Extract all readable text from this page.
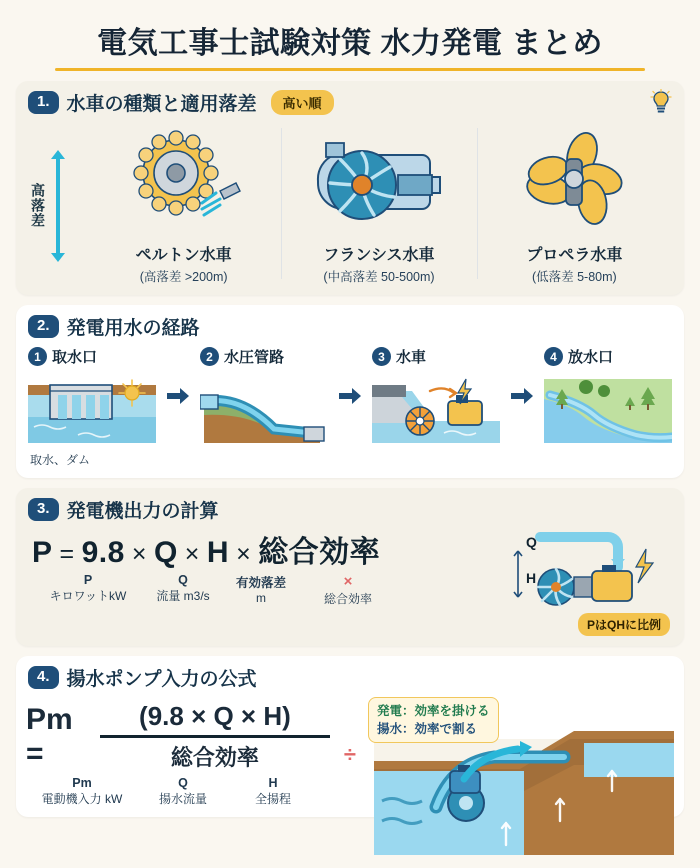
電気工事士試験対策 水力発電 まとめ
1. 水車の種類と適用落差	高い順
高落差
ペルトン水車
(高落差 >200m)
フランシス水車
(中高落差 50-500m)
プロペラ水車
(低落差 5-80m)
2. 発電用水の経路
1 取水口
取水、ダム
2 水圧管路	3 水車	4 放水口
3. 発電機出力の計算
P = 9.8 × Q × H × 総合効率
P
キロワットkW
Q
流量 m3/s
有効落差
m
×
総合効率
Q
H
PはQHに比例
4. 揚水ポンプ入力の公式
Pm =	$\frac{(9.8 \times Q \times H)}{\text{総合効率}}$ ÷
Pm
電動機入力 kW
Q
揚水流量
H
全揚程
発電：効率を掛ける
揚水：効率で割る
